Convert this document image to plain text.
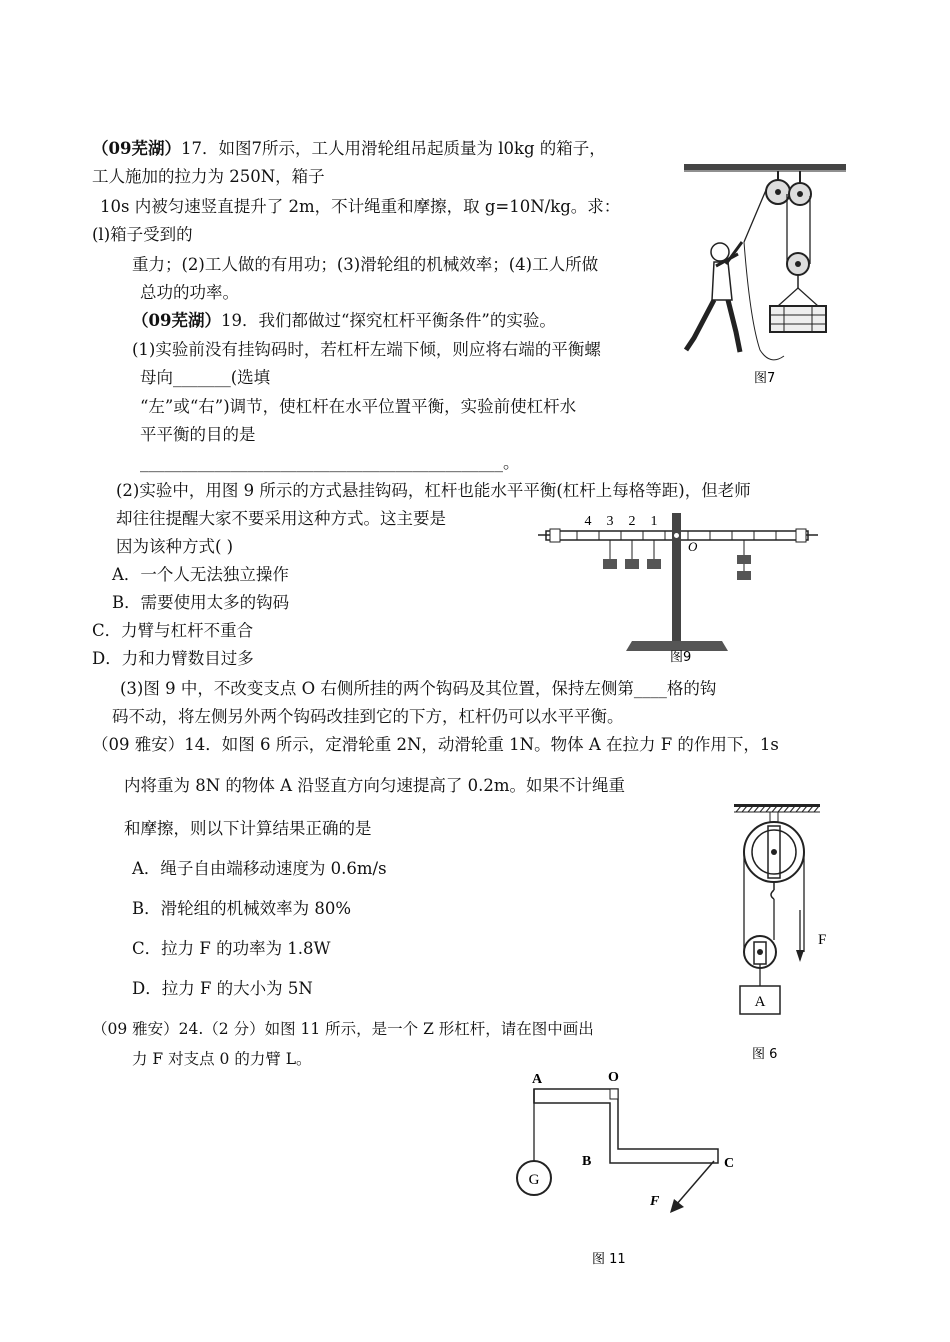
（09芜湖）17．如图7所示，工人用滑轮组吊起质量为 l0kg 的箱子，
工人施加的拉力为 250N，箱子
10s 内被匀速竖直提升了 2m，不计绳重和摩擦，取 g=10N/kg。求：
(l)箱子受到的
重力；(2)工人做的有用功；(3)滑轮组的机械效率；(4)工人所做
总功的功率。
（09芜湖）19．我们都做过“探究杠杆平衡条件”的实验。
(1)实验前没有挂钩码时，若杠杆左端下倾，则应将右端的平衡螺
母向_______(选填
“左”或“右”)调节，使杠杆在水平位置平衡，实验前使杠杆水
平平衡的目的是
____________________________________________。
(2)实验中，用图 9 所示的方式悬挂钩码，杠杆也能水平平衡(杠杆上每格等距)，但老师
却往往提醒大家不要采用这种方式。这主要是
因为该种方式( )
A．一个人无法独立操作
B．需要使用太多的钩码
C．力臂与杠杆不重合
D．力和力臂数目过多
(3)图 9 中，不改变支点 O 右侧所挂的两个钩码及其位置，保持左侧第____格的钩
码不动，将左侧另外两个钩码改挂到它的下方，杠杆仍可以水平平衡。
（09 雅安）14．如图 6 所示，定滑轮重 2N，动滑轮重 1N。物体 A 在拉力 F 的作用下，1s
内将重为 8N 的物体 A 沿竖直方向匀速提高了 0.2m。如果不计绳重
和摩擦，则以下计算结果正确的是
A．绳子自由端移动速度为 0.6m/s
B．滑轮组的机械效率为 80%
C．拉力 F 的功率为 1.8W
D．拉力 F 的大小为 5N
（09 雅安）24.（2 分）如图 11 所示，是一个 Z 形杠杆，请在图中画出
力 F 对支点 0 的力臂 L。
图7
4 3 2 1
O
图9
F
A
图 6
G
A	O
B	C
F
图 11
